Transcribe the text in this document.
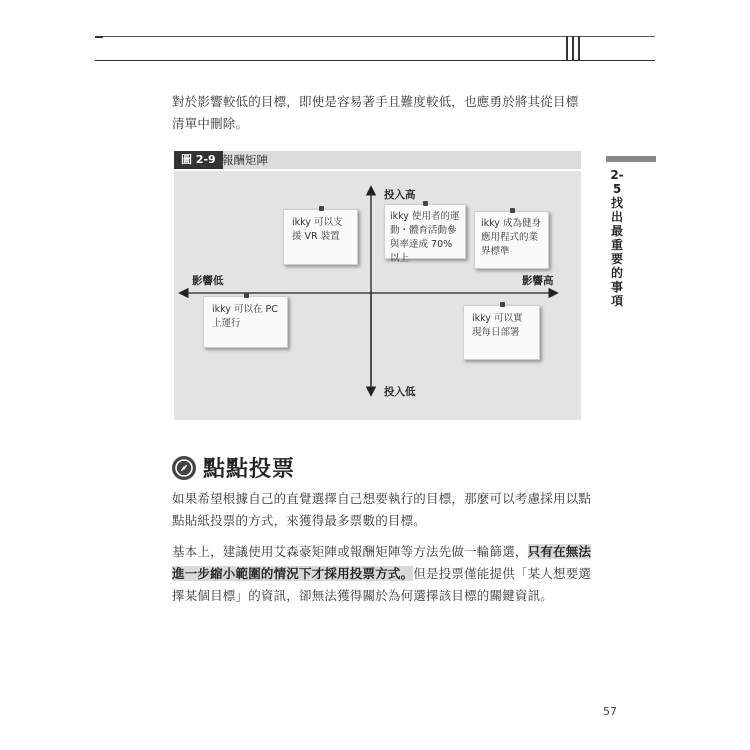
對於影響較低的目標，即使是容易著手且難度較低，也應勇於將其從目標清單中刪除。
2-5 找出最重要的事項
圖 2-9 報酬矩陣
投入高
投入低
影響低	影響高
ikky 可以支援 VR 裝置
ikky 使用者的運動・體育活動參與率達成 70% 以上
ikky 成為健身應用程式的業界標準
ikky 可以在 PC 上運行	ikky 可以實現每日部署
點點投票
如果希望根據自己的直覺選擇自己想要執行的目標，那麼可以考慮採用以點點貼紙投票的方式，來獲得最多票數的目標。
基本上，建議使用艾森豪矩陣或報酬矩陣等方法先做一輪篩選，只有在無法進一步縮小範圍的情況下才採用投票方式。但是投票僅能提供「某人想要選擇某個目標」的資訊，卻無法獲得關於為何選擇該目標的關鍵資訊。
57
